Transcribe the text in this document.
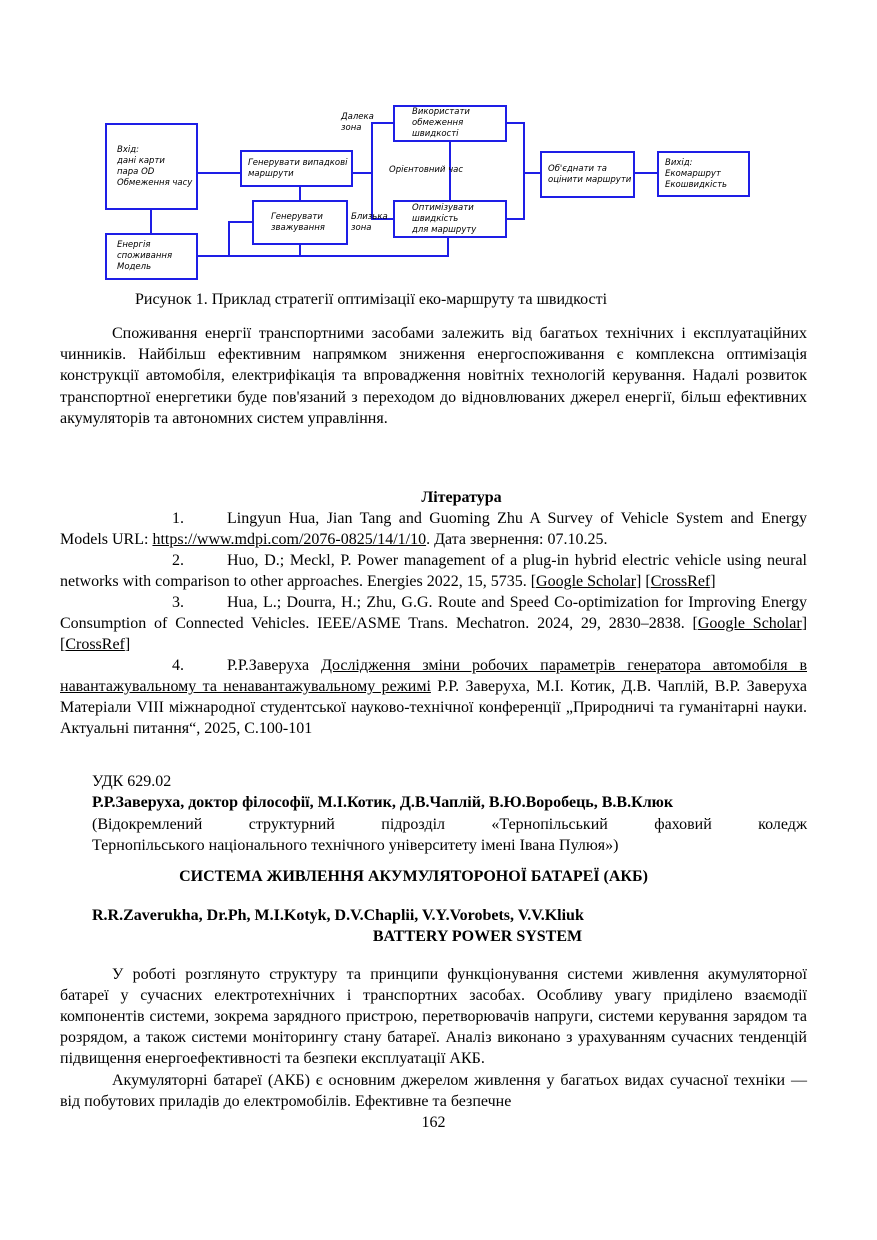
Орієнтовний час
Вхід:
дані карти
пара OD
Обмеження часу
Генерувати випадкові
маршрути
Генерувати
зважування
Енергія
споживання
Модель
Використати
обмеження
швидкості
Оптимізувати
швидкість
для маршруту
Об'єднати та
оцінити маршрути
Вихід:
Екомаршрут
Екошвидкість
Далека
зона
Близька
зона

Рисунок 1. Приклад стратегії оптимізації еко-маршруту та швидкості

Споживання енергії транспортними засобами залежить від багатьох технічних і експлуатаційних чинників. Найбільш ефективним напрямком зниження енергоспоживання є комплексна оптимізація конструкції автомобіля, електрифікація та впровадження новітніх технологій керування. Надалі розвиток транспортної енергетики буде пов'язаний з переходом до відновлюваних джерел енергії, більш ефективних акумуляторів та автономних систем управління.

Література

1.	Lingyun Hua, Jian Tang and Guoming Zhu A Survey of Vehicle System and Energy Models URL: https://www.mdpi.com/2076-0825/14/1/10. Дата звернення: 07.10.25.

2.	Huo, D.; Meckl, P. Power management of a plug-in hybrid electric vehicle using neural networks with comparison to other approaches. Energies 2022, 15, 5735. [Google Scholar] [CrossRef]

3.	Hua, L.; Dourra, H.; Zhu, G.G. Route and Speed Co-optimization for Improving Energy Consumption of Connected Vehicles. IEEE/ASME Trans. Mechatron. 2024, 29, 2830–2838. [Google Scholar] [CrossRef]

4.	Р.Р.Заверуха Дослідження зміни робочих параметрів генератора автомобіля в навантажувальному та ненавантажувальному режимі Р.Р. Заверуха, М.І. Котик, Д.В. Чаплій, В.Р. Заверуха Матеріали VIII міжнародної студентської науково-технічної конференції „Природничі та гуманітарні науки. Актуальні питання“, 2025, С.100-101

УДК 629.02

Р.Р.Заверуха, доктор філософії, М.І.Котик, Д.В.Чаплій, В.Ю.Воробець, В.В.Клюк

(Відокремлений структурний підрозділ «Тернопільський фаховий коледж
Тернопільського національного технічного університету імені Івана Пулюя»)

СИСТЕМА ЖИВЛЕННЯ АКУМУЛЯТОРОНОЇ БАТАРЕЇ (АКБ)

R.R.Zaverukha, Dr.Ph, M.I.Kotyk, D.V.Chaplii, V.Y.Vorobets, V.V.Kliuk

BATTERY POWER SYSTEM

У роботі розглянуто структуру та принципи функціонування системи живлення акумуляторної батареї у сучасних електротехнічних і транспортних засобах. Особливу увагу приділено взаємодії компонентів системи, зокрема зарядного пристрою, перетворювачів напруги, системи керування зарядом та розрядом, а також системи моніторингу стану батареї. Аналіз виконано з урахуванням сучасних тенденцій підвищення енергоефективності та безпеки експлуатації АКБ.

Акумуляторні батареї (АКБ) є основним джерелом живлення у багатьох видах сучасної техніки — від побутових приладів до електромобілів. Ефективне та безпечне

162
